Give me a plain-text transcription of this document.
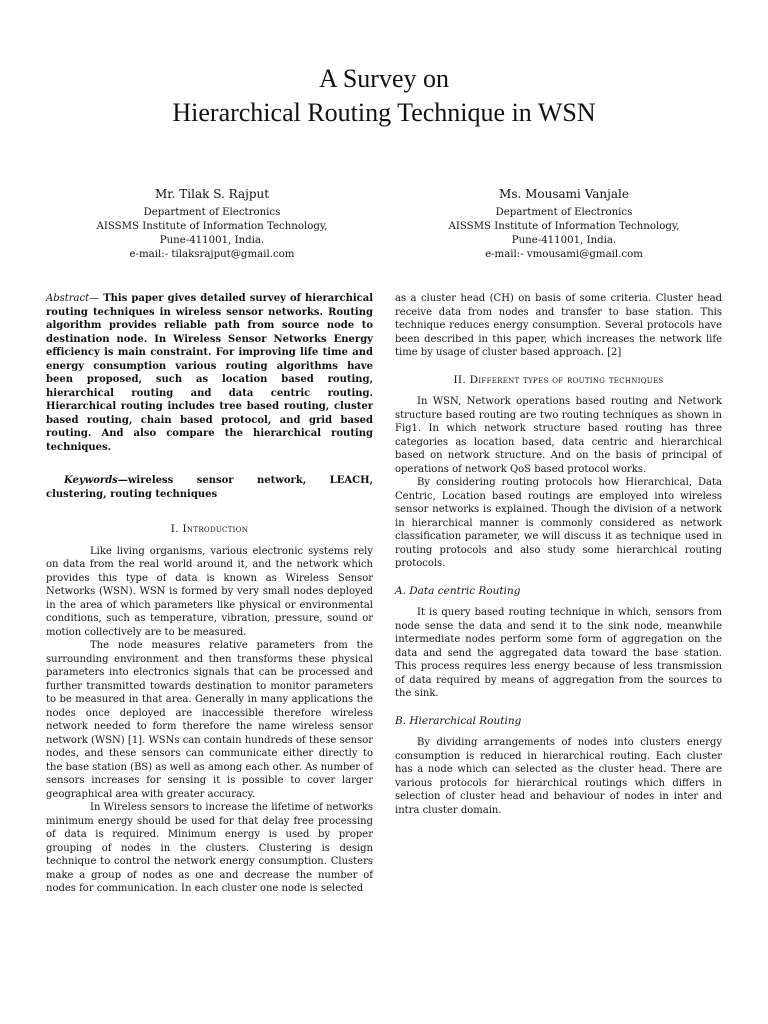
A Survey on
Hierarchical Routing Technique in WSN
Mr. Tilak S. Rajput
Department of Electronics
AISSMS Institute of Information Technology,
Pune-411001, India.
e-mail:- tilaksrajput@gmail.com
Ms. Mousami Vanjale
Department of Electronics
AISSMS Institute of Information Technology,
Pune-411001, India.
e-mail:- vmousami@gmail.com

Abstract— This paper gives detailed survey of hierarchical routing techniques in wireless sensor networks. Routing algorithm provides reliable path from source node to destination node. In Wireless Sensor Networks Energy efficiency is main constraint. For improving life time and energy consumption various routing algorithms have been proposed, such as location based routing, hierarchical routing and data centric routing. Hierarchical routing includes tree based routing, cluster based routing, chain based protocol, and grid based routing. And also compare the hierarchical routing techniques.

Keywords—wireless sensor network, LEACH, clustering, routing techniques

I. Introduction

Like living organisms, various electronic systems rely on data from the real world around it, and the network which provides this type of data is known as Wireless Sensor Networks (WSN). WSN is formed by very small nodes deployed in the area of which parameters like physical or environmental conditions, such as temperature, vibration, pressure, sound or motion collectively are to be measured.

The node measures relative parameters from the surrounding environment and then transforms these physical parameters into electronics signals that can be processed and further transmitted towards destination to monitor parameters to be measured in that area. Generally in many applications the nodes once deployed are inaccessible therefore wireless network needed to form therefore the name wireless sensor network (WSN) [1]. WSNs can contain hundreds of these sensor nodes, and these sensors can communicate either directly to the base station (BS) as well as among each other. As number of sensors increases for sensing it is possible to cover larger geographical area with greater accuracy.

In Wireless sensors to increase the lifetime of networks minimum energy should be used for that delay free processing of data is required. Minimum energy is used by proper grouping of nodes in the clusters. Clustering is design technique to control the network energy consumption. Clusters make a group of nodes as one and decrease the number of nodes for communication. In each cluster one node is selected

as a cluster head (CH) on basis of some criteria. Cluster head receive data from nodes and transfer to base station. This technique reduces energy consumption. Several protocols have been described in this paper, which increases the network life time by usage of cluster based approach. [2]

II. Different types of routing techniques

In WSN, Network operations based routing and Network structure based routing are two routing techniques as shown in Fig1. In which network structure based routing has three categories as location based, data centric and hierarchical based on network structure. And on the basis of principal of operations of network QoS based protocol works.

By considering routing protocols how Hierarchical, Data Centric, Location based routings are employed into wireless sensor networks is explained. Though the division of a network in hierarchical manner is commonly considered as network classification parameter, we will discuss it as technique used in routing protocols and also study some hierarchical routing protocols.

A. Data centric Routing

It is query based routing technique in which, sensors from node sense the data and send it to the sink node, meanwhile intermediate nodes perform some form of aggregation on the data and send the aggregated data toward the base station. This process requires less energy because of less transmission of data required by means of aggregation from the sources to the sink.

B. Hierarchical Routing

By dividing arrangements of nodes into clusters energy consumption is reduced in hierarchical routing. Each cluster has a node which can selected as the cluster head. There are various protocols for hierarchical routings which differs in selection of cluster head and behaviour of nodes in inter and intra cluster domain.
